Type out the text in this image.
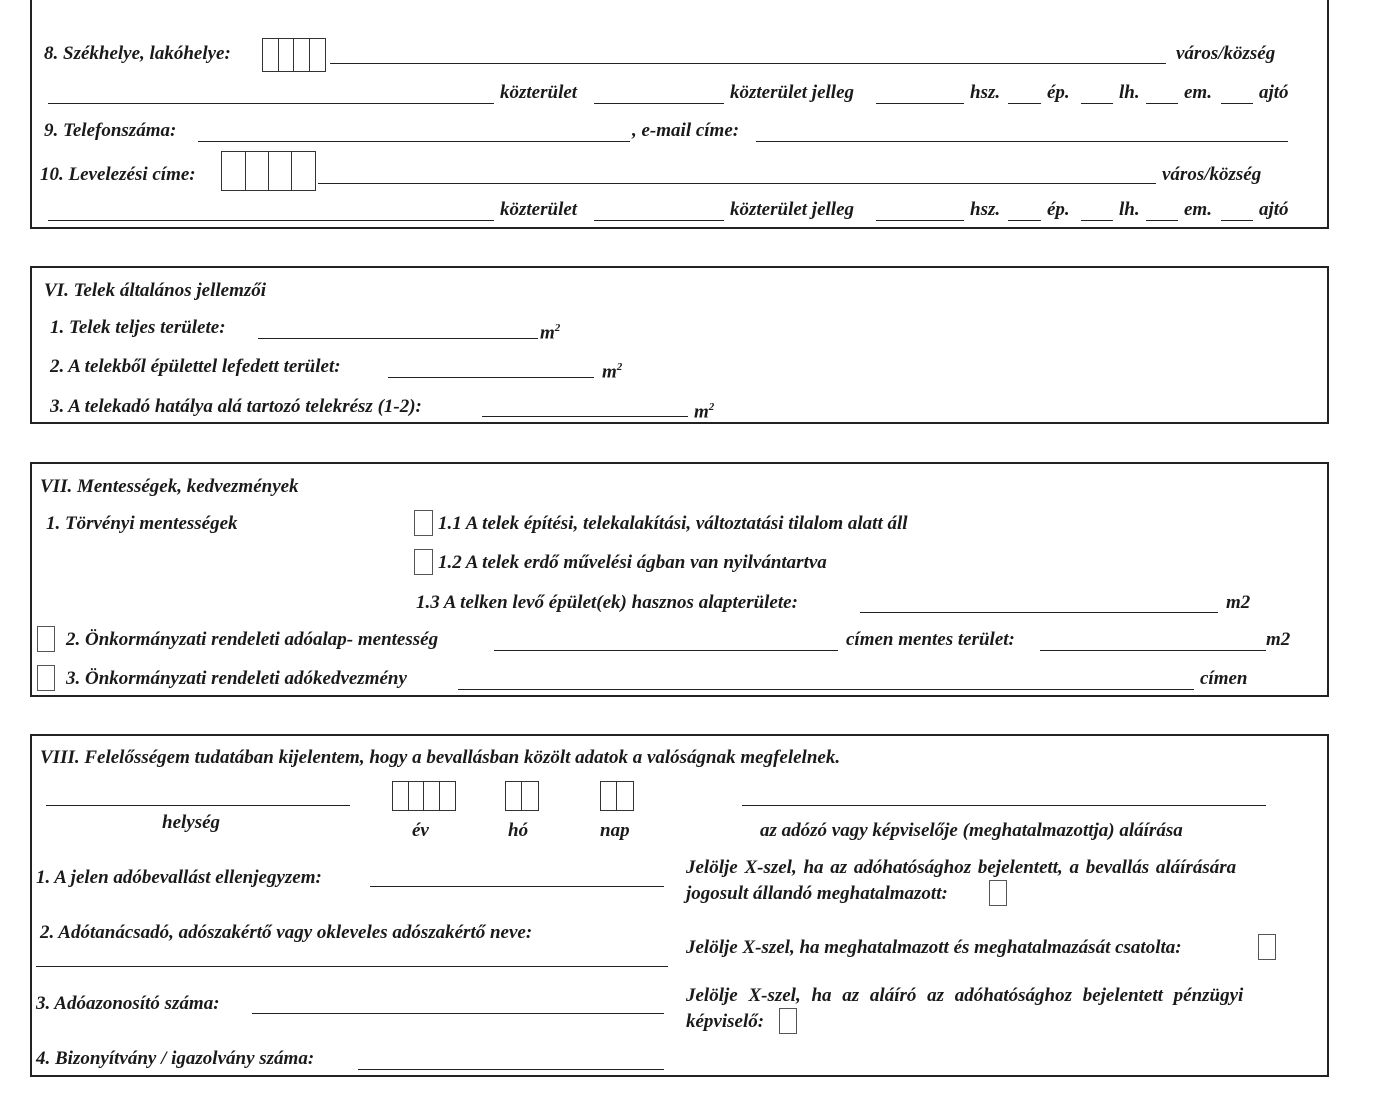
8. Székhelye, lakóhelye:	város/község
közterület	közterület jelleg	hsz. ép.	lh. em. ajtó
9. Telefonszáma:	, e-mail címe:
10. Levelezési címe:	város/község
közterület	közterület jelleg	hsz. ép.	lh. em. ajtó
VI. Telek általános jellemzői
1. Telek teljes területe:	$m^2$
2. A telekből épülettel lefedett terület:	$m^2$
3. A telekadó hatálya alá tartozó telekrész (1-2):	$m^2$
VII. Mentességek, kedvezmények
1. Törvényi mentességek	1.1 A telek építési, telekalakítási, változtatási tilalom alatt áll
1.2 A telek erdő művelési ágban van nyilvántartva
1.3 A telken levő épület(ek) hasznos alapterülete:	m2
2. Önkormányzati rendeleti adóalap- mentesség	címen mentes terület:	m2
3. Önkormányzati rendeleti adókedvezmény	címen
VIII. Felelősségem tudatában kijelentem, hogy a bevallásban közölt adatok a valóságnak megfelelnek.
helység	év	hó	nap	az adózó vagy képviselője (meghatalmazottja) aláírása
1. A jelen adóbevallást ellenjegyzem:
2. Adótanácsadó, adószakértő vagy okleveles adószakértő neve:
3. Adóazonosító száma:
4. Bizonyítvány / igazolvány száma:
Jelölje X-szel, ha az adóhatósághoz bejelentett, a bevallás aláírására
jogosult állandó meghatalmazott:
Jelölje X-szel, ha meghatalmazott és meghatalmazását csatolta:
Jelölje X-szel, ha az aláíró az adóhatósághoz bejelentett pénzügyi
képviselő:
